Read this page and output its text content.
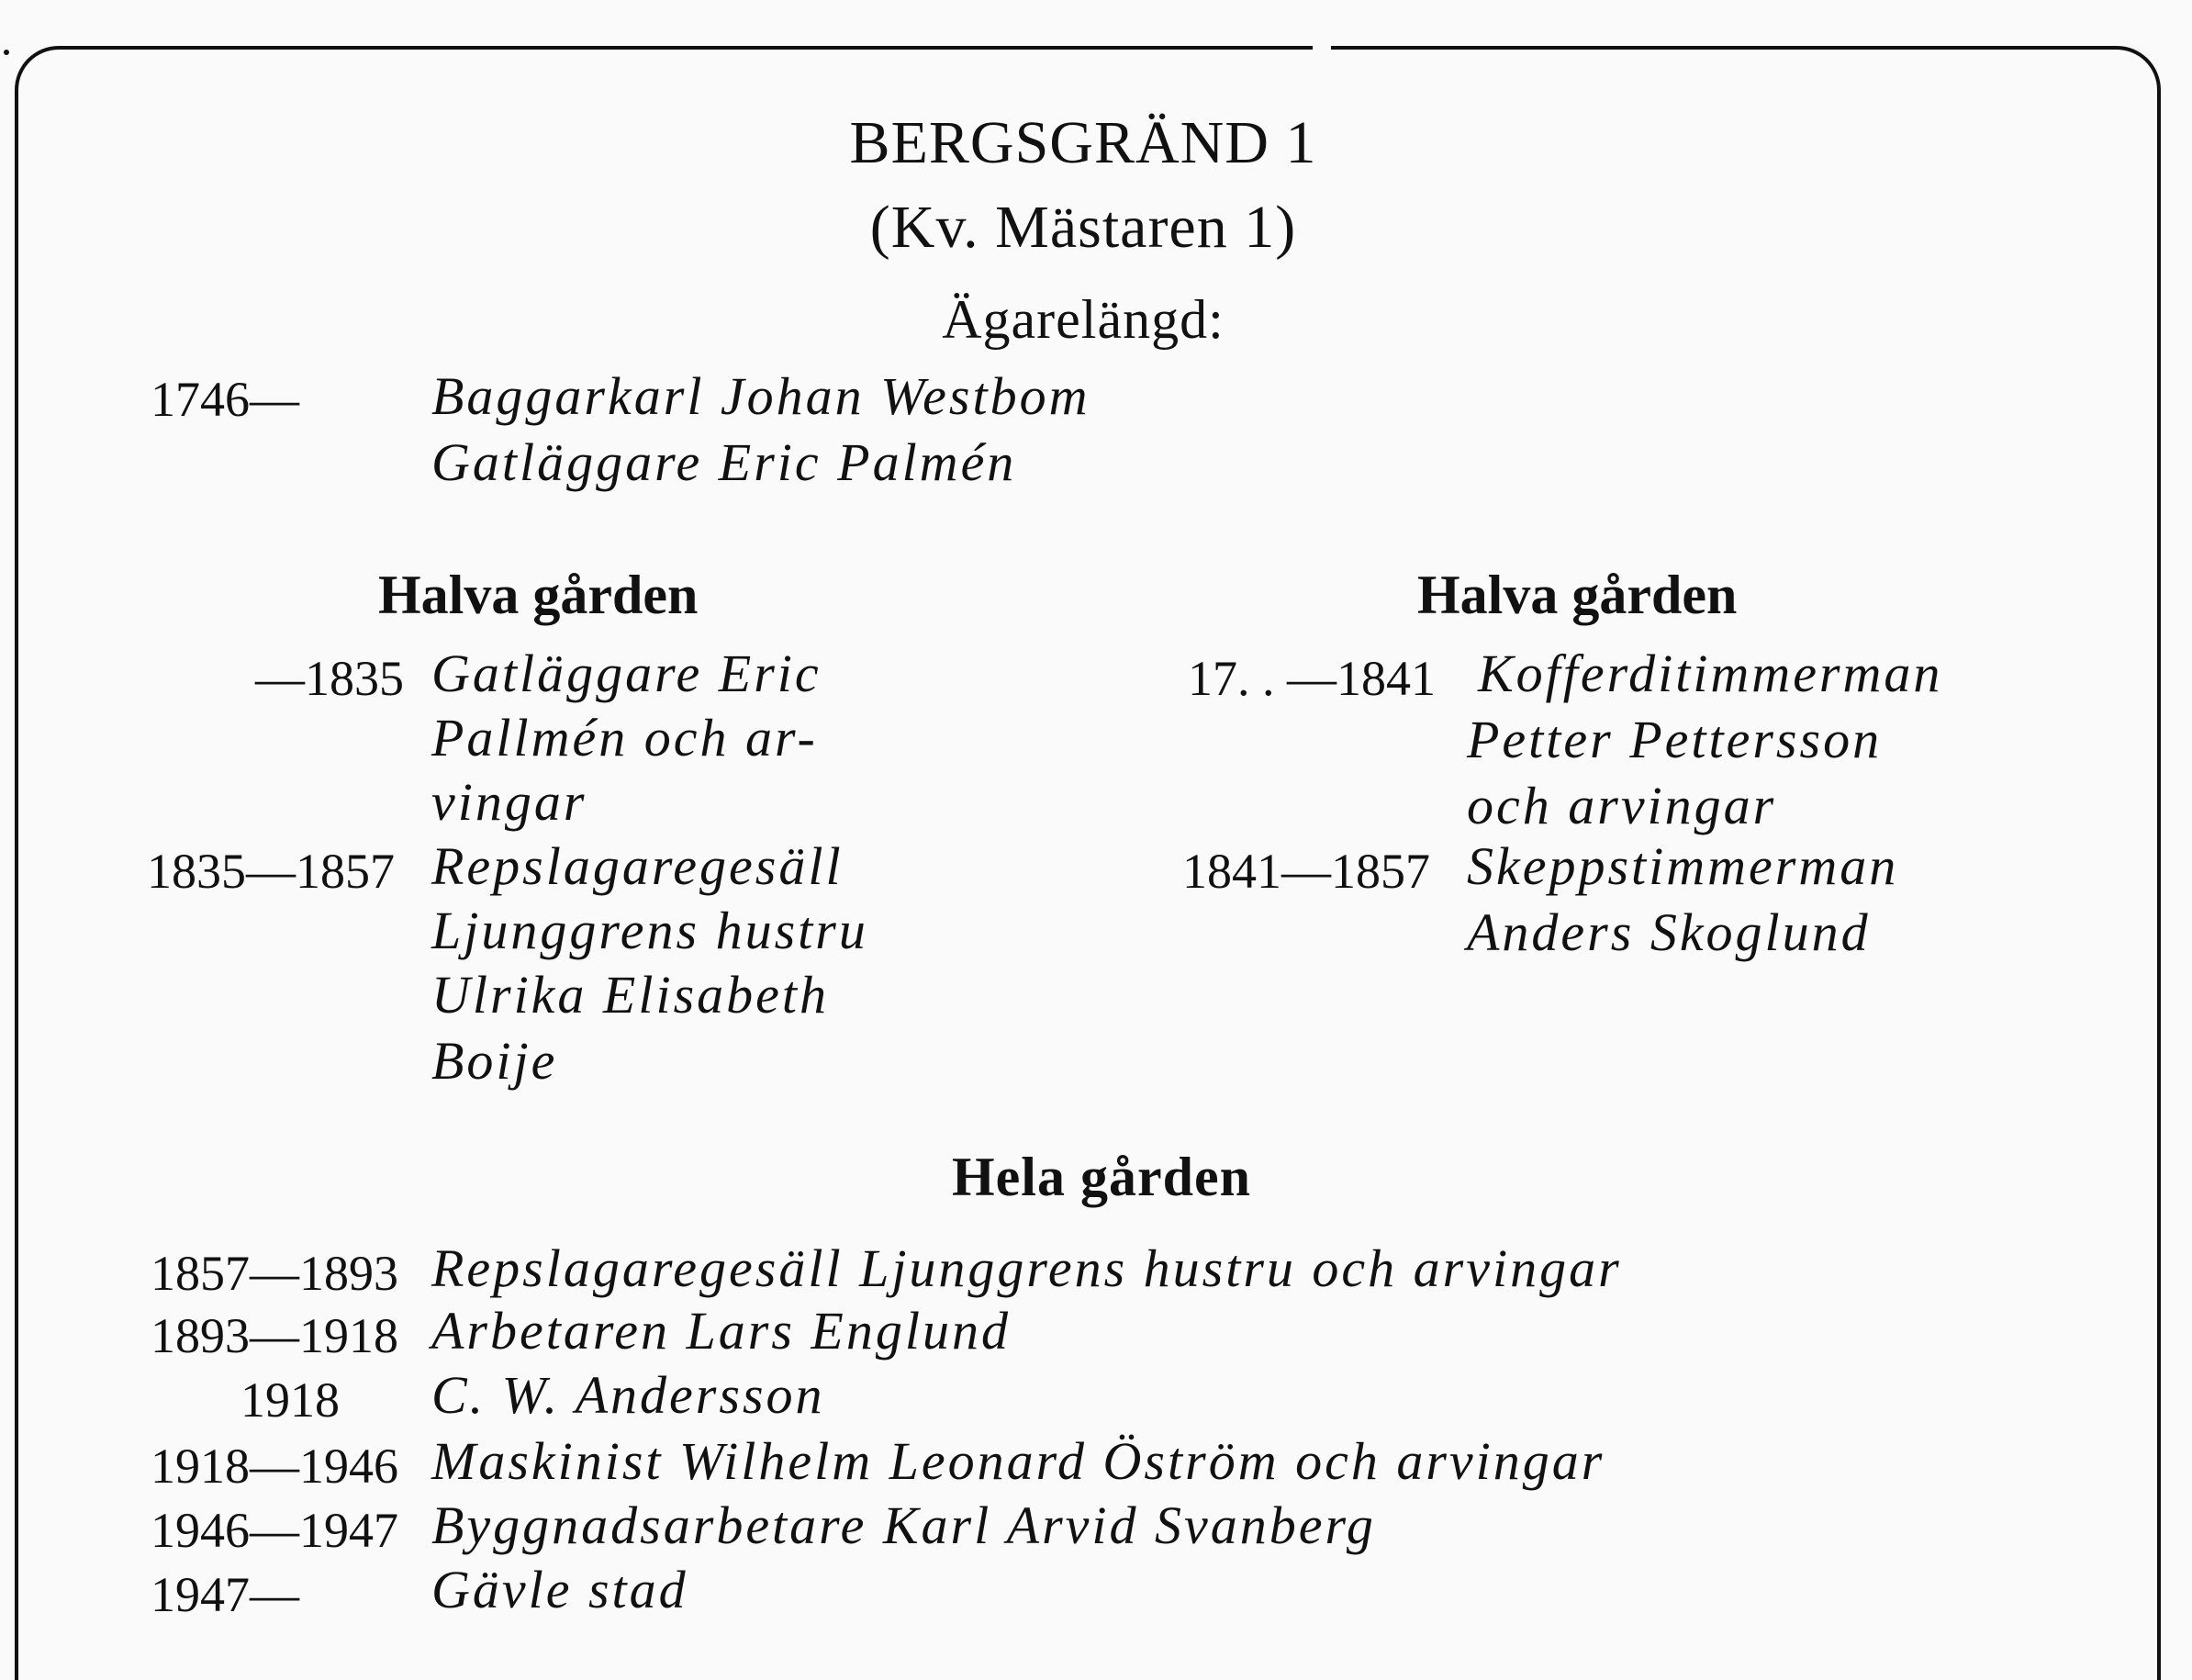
BERGSGRÄND 1
(Kv. Mästaren 1)
Ägarelängd:
1746— Baggarkarl Johan Westbom
Gatläggare Eric Palmén
Halva gården
—1835 Gatläggare Eric
Pallmén och ar-
vingar
1835—1857 Repslagaregesäll
Ljunggrens hustru
Ulrika Elisabeth
Boije
Halva gården
17. . —1841 Kofferditimmerman
Petter Pettersson
och arvingar
1841—1857 Skeppstimmerman
Anders Skoglund
Hela gården
1857—1893 Repslagaregesäll Ljunggrens hustru och arvingar
1893—1918 Arbetaren Lars Englund
1918 C. W. Andersson
1918—1946 Maskinist Wilhelm Leonard Öström och arvingar
1946—1947 Byggnadsarbetare Karl Arvid Svanberg
1947— Gävle stad
